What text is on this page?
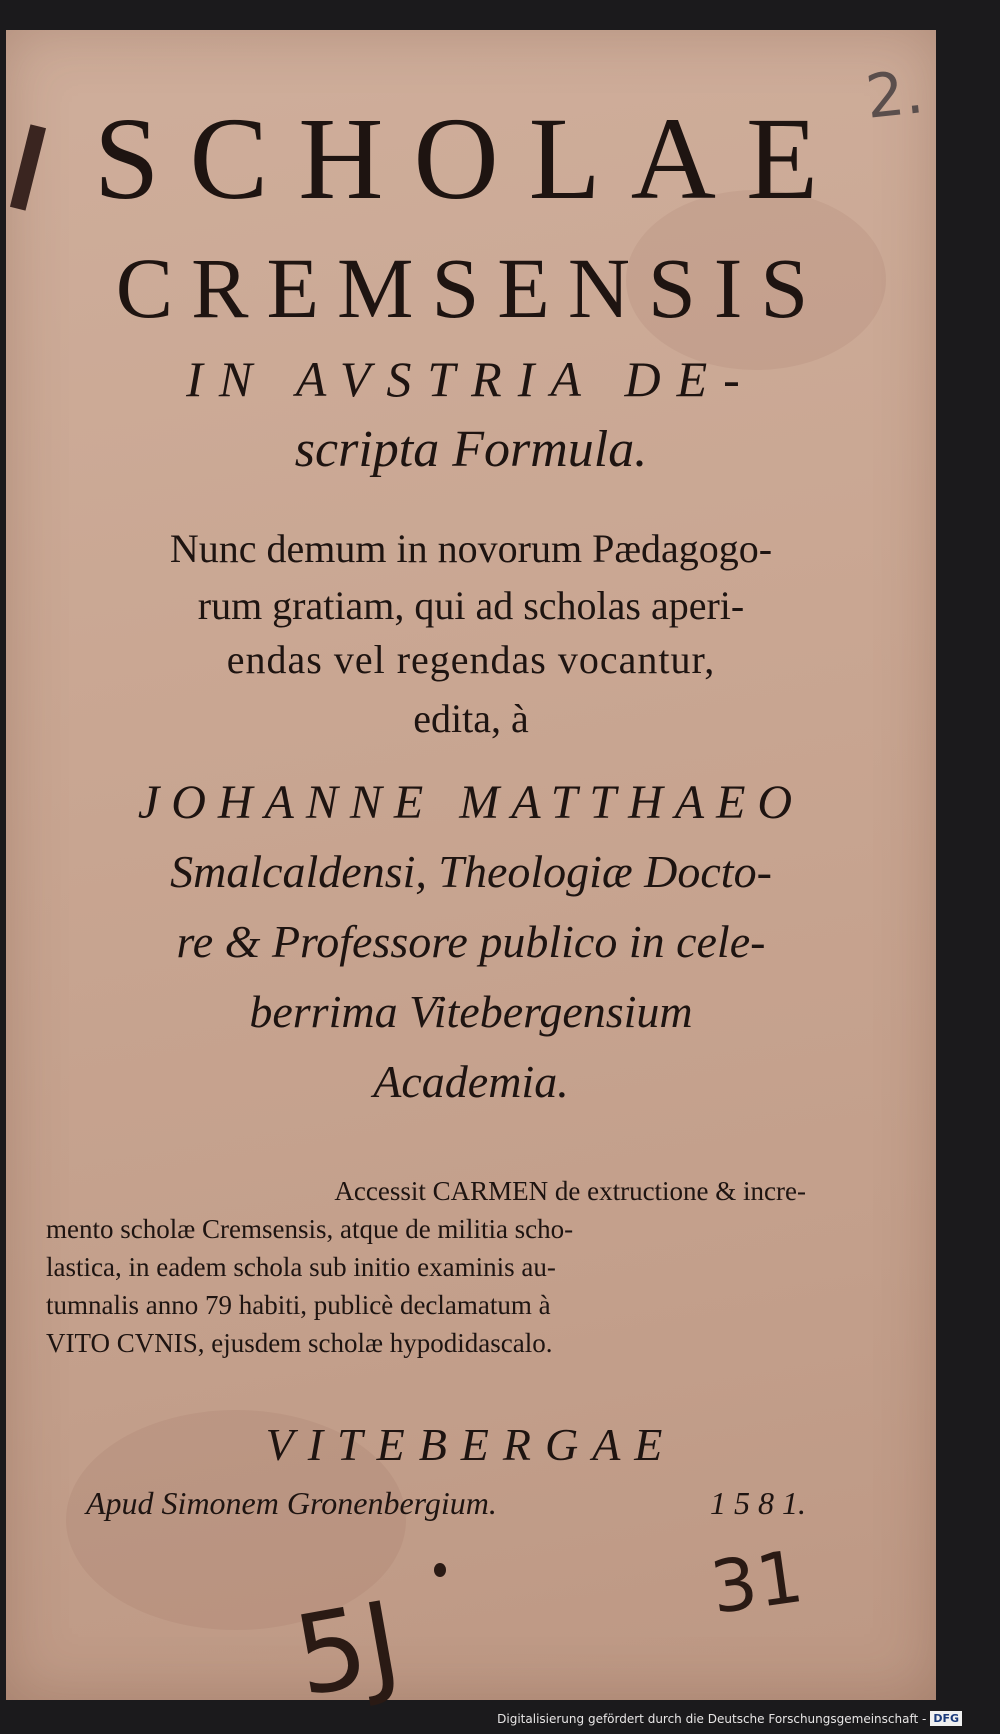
SCHOLAE
CREMSENSIS
IN AVSTRIA DE-
scripta Formula.
Nunc demum in novorum Pædagogo-
rum gratiam, qui ad scholas aperi-
endas vel regendas vocantur,
edita, à
JOHANNE MATTHAEO
Smalcaldensi, Theologiæ Docto-
re & Professore publico in cele-
berrima Vitebergensium
Academia.
Accessit CARMEN de extructione & incre-
mento scholæ Cremsensis, atque de militia scho-
lastica, in eadem schola sub initio examinis au-
tumnalis anno 79 habiti, publicè declamatum à
VITO CVNIS, ejusdem scholæ hypodidascalo.
VITEBERGAE
Apud Simonem Gronenbergium.	1 5 8 1.
2.
31
5J	Digitalisierung gefördert durch die Deutsche Forschungsgemeinschaft - DFG
